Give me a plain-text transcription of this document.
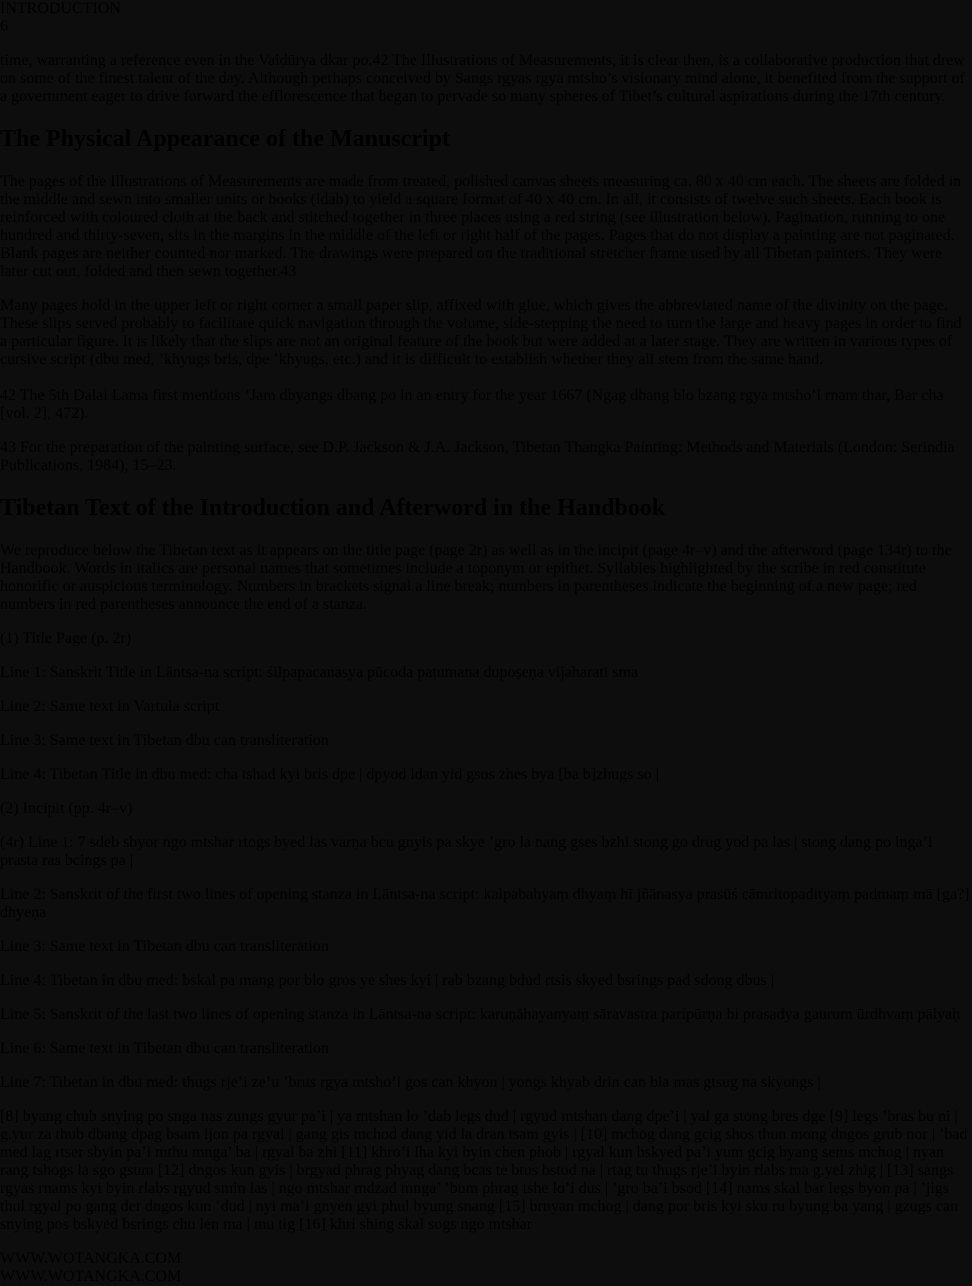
INTRODUCTION
6

time, warranting a reference even in the Vaiḍūrya dkar po.42 The Illustrations of Measurements, it is clear then, is a collaborative production that drew on some of the finest talent of the day. Although perhaps conceived by Sangs rgyas rgya mtsho’s visionary mind alone, it benefited from the support of a government eager to drive forward the efflorescence that began to pervade so many spheres of Tibet’s cultural aspirations during the 17th century.

The Physical Appearance of the Manuscript

The pages of the Illustrations of Measurements are made from treated, polished canvas sheets measuring ca. 80 x 40 cm each. The sheets are folded in the middle and sewn into smaller units or books (ldab) to yield a square format of 40 x 40 cm. In all, it consists of twelve such sheets. Each book is reinforced with coloured cloth at the back and stitched together in three places using a red string (see illustration below). Pagination, running to one hundred and thirty-seven, sits in the margins in the middle of the left or right half of the pages. Pages that do not display a painting are not paginated. Blank pages are neither counted nor marked. The drawings were prepared on the traditional stretcher frame used by all Tibetan painters. They were later cut out, folded and then sewn together.43

Many pages hold in the upper left or right corner a small paper slip, affixed with glue, which gives the abbreviated name of the divinity on the page. These slips served probably to facilitate quick navigation through the volume, side-stepping the need to turn the large and heavy pages in order to find a particular figure. It is likely that the slips are not an original feature of the book but were added at a later stage. They are written in various types of cursive script (dbu med, ’khyugs bris, dpe ’khyugs, etc.) and it is difficult to establish whether they all stem from the same hand.

42 The 5th Dalai Lama first mentions ’Jam dbyangs dbang po in an entry for the year 1667 (Ngag dbang blo bzang rgya mtsho’i rnam thar, Bar cha [vol. 2], 472).

43 For the preparation of the painting surface, see D.P. Jackson & J.A. Jackson, Tibetan Thangka Painting: Methods and Materials (London: Serindia Publications, 1984), 15–23.

Tibetan Text of the Introduction and Afterword in the Handbook

We reproduce below the Tibetan text as it appears on the title page (page 2r) as well as in the incipit (page 4r–v) and the afterword (page 134r) to the Handbook. Words in italics are personal names that sometimes include a toponym or epithet. Syllables highlighted by the scribe in red constitute honorific or auspicious terminology. Numbers in brackets signal a line break; numbers in parentheses indicate the beginning of a new page; red numbers in red parentheses announce the end of a stanza.

(1) Title Page (p. 2r)

Line 1: Sanskrit Title in Lāntsa-na script: śilpapacanasya pūcoda paṭumana dupoṣeṇa vijaharati sma

Line 2: Same text in Vartula script

Line 3: Same text in Tibetan dbu can transliteration

Line 4: Tibetan Title in dbu med: cha tshad kyi bris dpe | dpyod ldan yid gsos zhes bya [ba b]zhugs so |

(2) Incipit (pp. 4r–v)

(4r) Line 1: 7 sdeb sbyor ngo mtshar rtogs byed las varṇa bcu gnyis pa skye ’gro la nang gses bzhi stong go drug yod pa las | stong dang po lnga’i prasta ras bcings pa |

Line 2: Sanskrit of the first two lines of opening stanza in Lāntsa-na script: kalpabahyaṃ dhyaṃ hī jñānasya prasūś cāmritopadityaṃ padmaṃ mā [ga?] dhyeṇa

Line 3: Same text in Tibetan dbu can transliteration

Line 4: Tibetan in dbu med: bskal pa mang por blo gros ye shes kyi | rab bzang bdud rtsis skyed bsrings pad sdong dbus |

Line 5: Sanskrit of the last two lines of opening stanza in Lāntsa-na script: karuṇāhayanyaṃ sāravastra paripūrṇa hi prasadya gaurum ūrdhvaṃ pālyaḥ

Line 6: Same text in Tibetan dbu can transliteration

Line 7: Tibetan in dbu med: thugs rje’i ze’u ’brus rgya mtsho’i gos can khyon | yongs khyab drin can bla mas gtsug na skyongs |

[8] byang chub snying po snga nas zungs gyur pa’i | ya mtshan lo ’dab legs dud | rgyud mtshan dang dpe’i | yal ga stong bres dge [9] legs ’bras bu ni | g.yur za thub dbang dpag bsam ljon pa rgyal | gang gis mchod dang yid la dran tsam gyis | [10] mchog dang gcig shos thun mong dngos grub nor | ’bad med lag rtser sbyin pa’i mthu mnga’ ba | rgyal ba zhi [11] khro’i lha kyi byin chen phob | rgyal kun bskyed pa’i yum gcig byang sems mchog | nyan rang tshogs la sgo gsum [12] dngos kun gyis | brgyad phrag phyag dang bcas te btus bstod na | rtag tu thugs rje’i byin rlabs ma g.yel zhig | [13] sangs rgyas rnams kyi byin rlabs rgyud smin las | ngo mtshar mdzad mnga’ ’bum phrag tshe lo’i dus | ’gro ba’i bsod [14] nams skal bar legs byon pa | ’jigs thul rgyal po gang der dngos kun ’dud | nyi ma’i gnyen gyi phul byung snang [15] brnyan mchog | dang por bris kyi sku ru byung ba yang | gzugs can snying pos bskyed bsrings chu len ma | mu tig [16] khri shing skal sogs ngo mtshar

WWW.WOTANGKA.COM
WWW.WOTANGKA.COM
